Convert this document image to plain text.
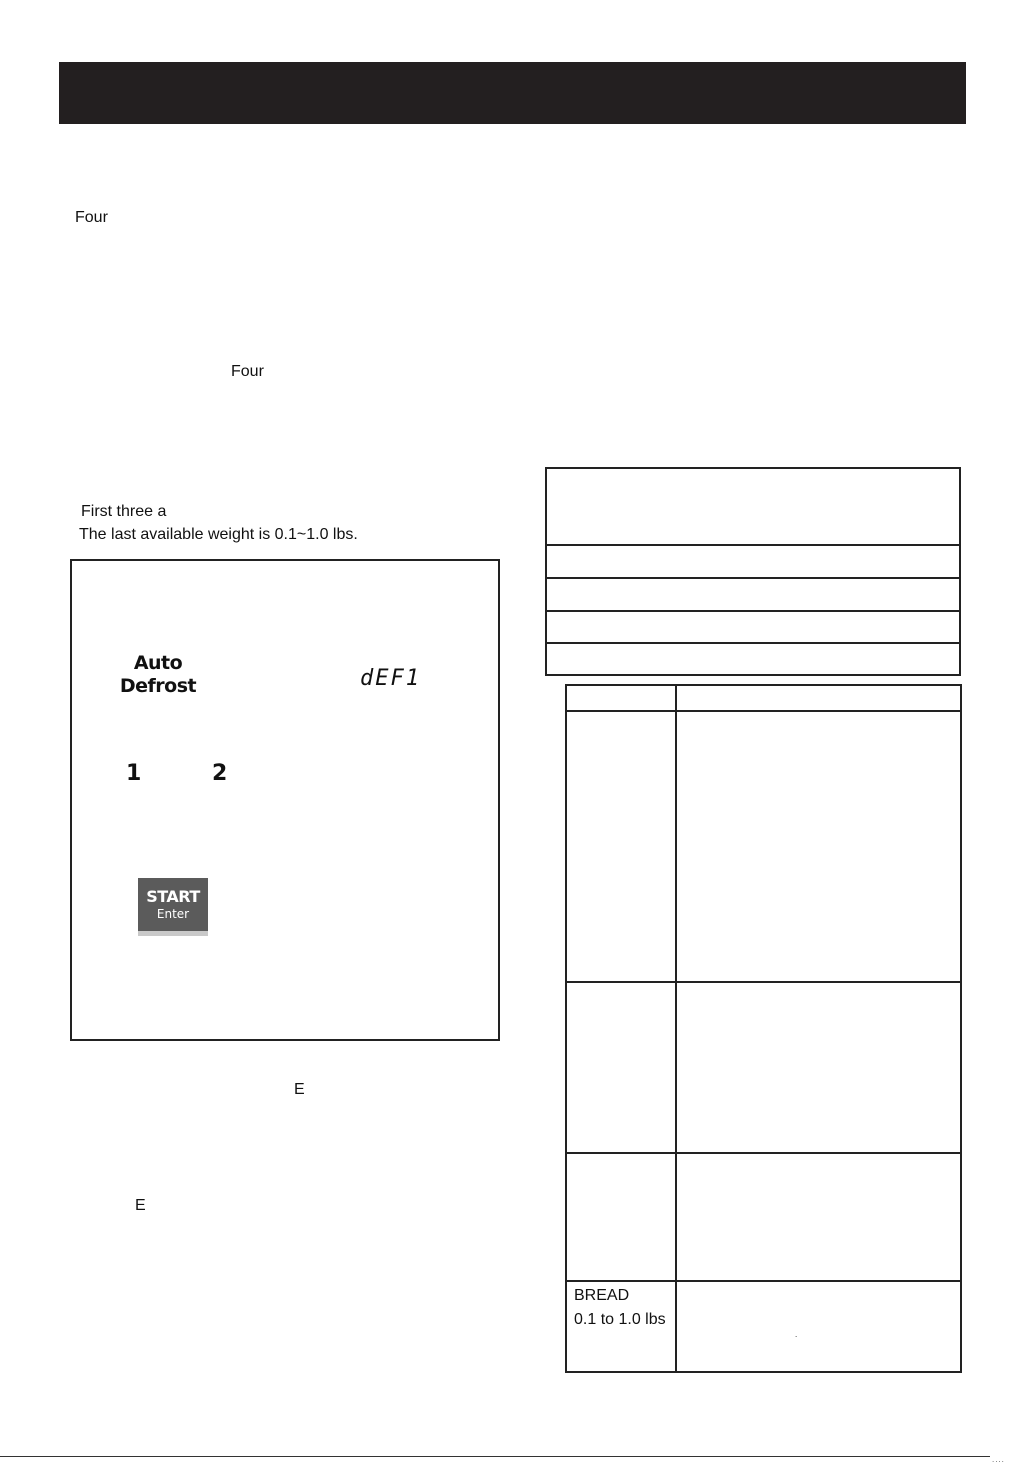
Four
Four
First three a
The last available weight is 0.1~1.0 lbs.
Auto
Defrost	dEF1
1	2
START
Enter
E
E
BREAD
0.1 to 1.0 lbs
.
....
